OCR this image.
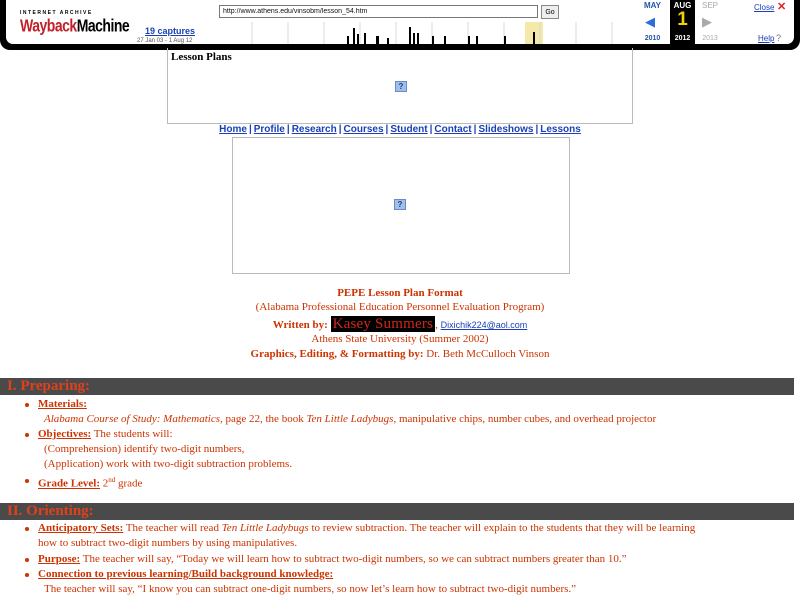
INTERNET ARCHIVE
WaybackMachine 19 captures
27 Jan 03 - 1 Aug 12
http://www.athens.edu/vinsobm/lesson_54.htm
Go
MAY
◀
2010
AUG
1
2012
SEP
▶
2013
Close ✕
Help ?
Lesson Plans
?
Home | Profile | Research | Courses | Student | Contact | Slideshows | Lessons
?
PEPE Lesson Plan Format
(Alabama Professional Education Personnel Evaluation Program)
Written by: Kasey Summers , Dixichik224@aol.com
Athens State University (Summer 2002)
Graphics, Editing, & Formatting by: Dr. Beth McCulloch Vinson
I. Preparing:
Materials:
Alabama Course of Study: Mathematics, page 22, the book Ten Little Ladybugs, manipulative chips, number cubes, and overhead projector
Objectives: The students will:
(Comprehension) identify two-digit numbers,
(Application) work with two-digit subtraction problems.
Grade Level: 2nd grade
II. Orienting:
Anticipatory Sets: The teacher will read Ten Little Ladybugs to review subtraction. The teacher will explain to the students that they will be learning
how to subtract two-digit numbers by using manipulatives.
Purpose: The teacher will say, “Today we will learn how to subtract two-digit numbers, so we can subtract numbers greater than 10.”
Connection to previous learning/Build background knowledge:
The teacher will say, “I know you can subtract one-digit numbers, so now let’s learn how to subtract two-digit numbers.”
